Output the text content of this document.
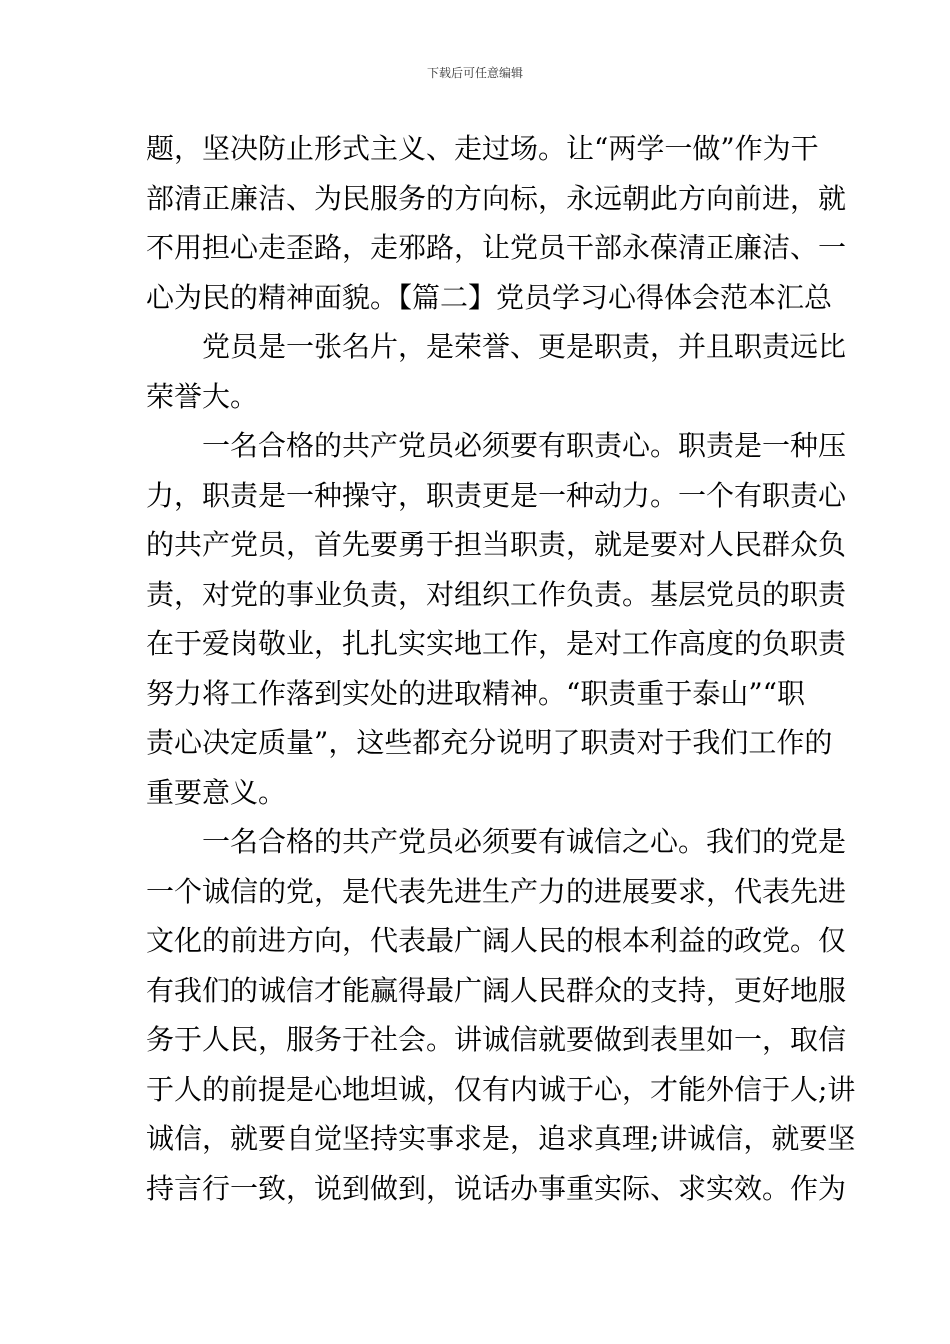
下载后可任意编辑
题，坚决防止形式主义、走过场。让“两学一做”作为干
部清正廉洁、为民服务的方向标，永远朝此方向前进，就
不用担心走歪路，走邪路，让党员干部永葆清正廉洁、一
心为民的精神面貌。【篇二】党员学习心得体会范本汇总
党员是一张名片，是荣誉、更是职责，并且职责远比
荣誉大。
一名合格的共产党员必须要有职责心。职责是一种压
力，职责是一种操守，职责更是一种动力。一个有职责心
的共产党员，首先要勇于担当职责，就是要对人民群众负
责，对党的事业负责，对组织工作负责。基层党员的职责
在于爱岗敬业，扎扎实实地工作，是对工作高度的负职责
努力将工作落到实处的进取精神。“职责重于泰山”“职
责心决定质量”，这些都充分说明了职责对于我们工作的
重要意义。
一名合格的共产党员必须要有诚信之心。我们的党是
一个诚信的党，是代表先进生产力的进展要求，代表先进
文化的前进方向，代表最广阔人民的根本利益的政党。仅
有我们的诚信才能赢得最广阔人民群众的支持，更好地服
务于人民，服务于社会。讲诚信就要做到表里如一，取信
于人的前提是心地坦诚，仅有内诚于心，才能外信于人;讲
诚信，就要自觉坚持实事求是，追求真理;讲诚信，就要坚
持言行一致，说到做到，说话办事重实际、求实效。作为
